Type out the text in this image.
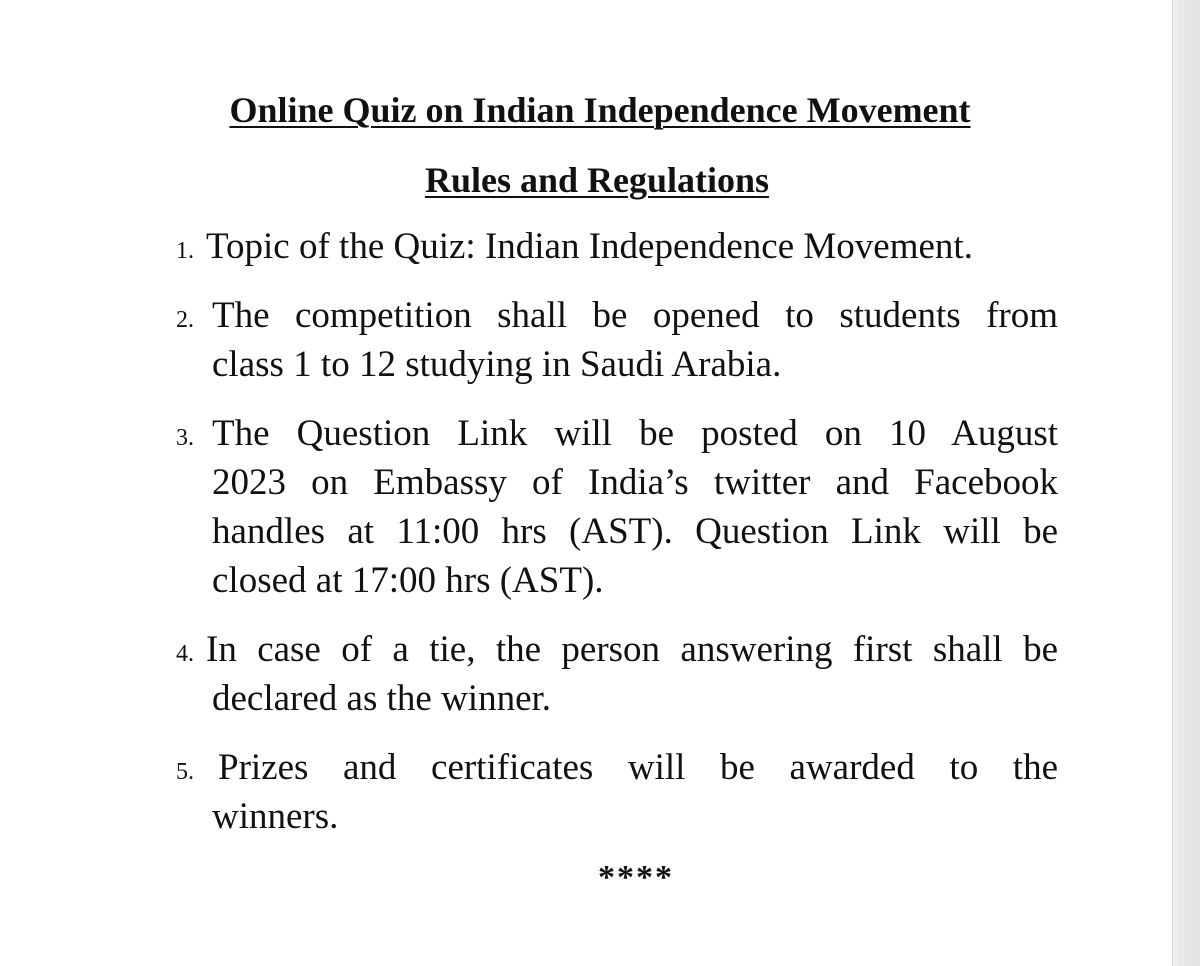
Online Quiz on Indian Independence Movement
Rules and Regulations
1. Topic of the Quiz: Indian Independence Movement.
2. The competition shall be opened to students from
class 1 to 12 studying in Saudi Arabia.
3. The Question Link will be posted on 10 August
2023 on Embassy of India’s twitter and Facebook
handles at 11:00 hrs (AST). Question Link will be
closed at 17:00 hrs (AST).
4. In case of a tie, the person answering first shall be
declared as the winner.
5. Prizes and certificates will be awarded to the
winners.
****
